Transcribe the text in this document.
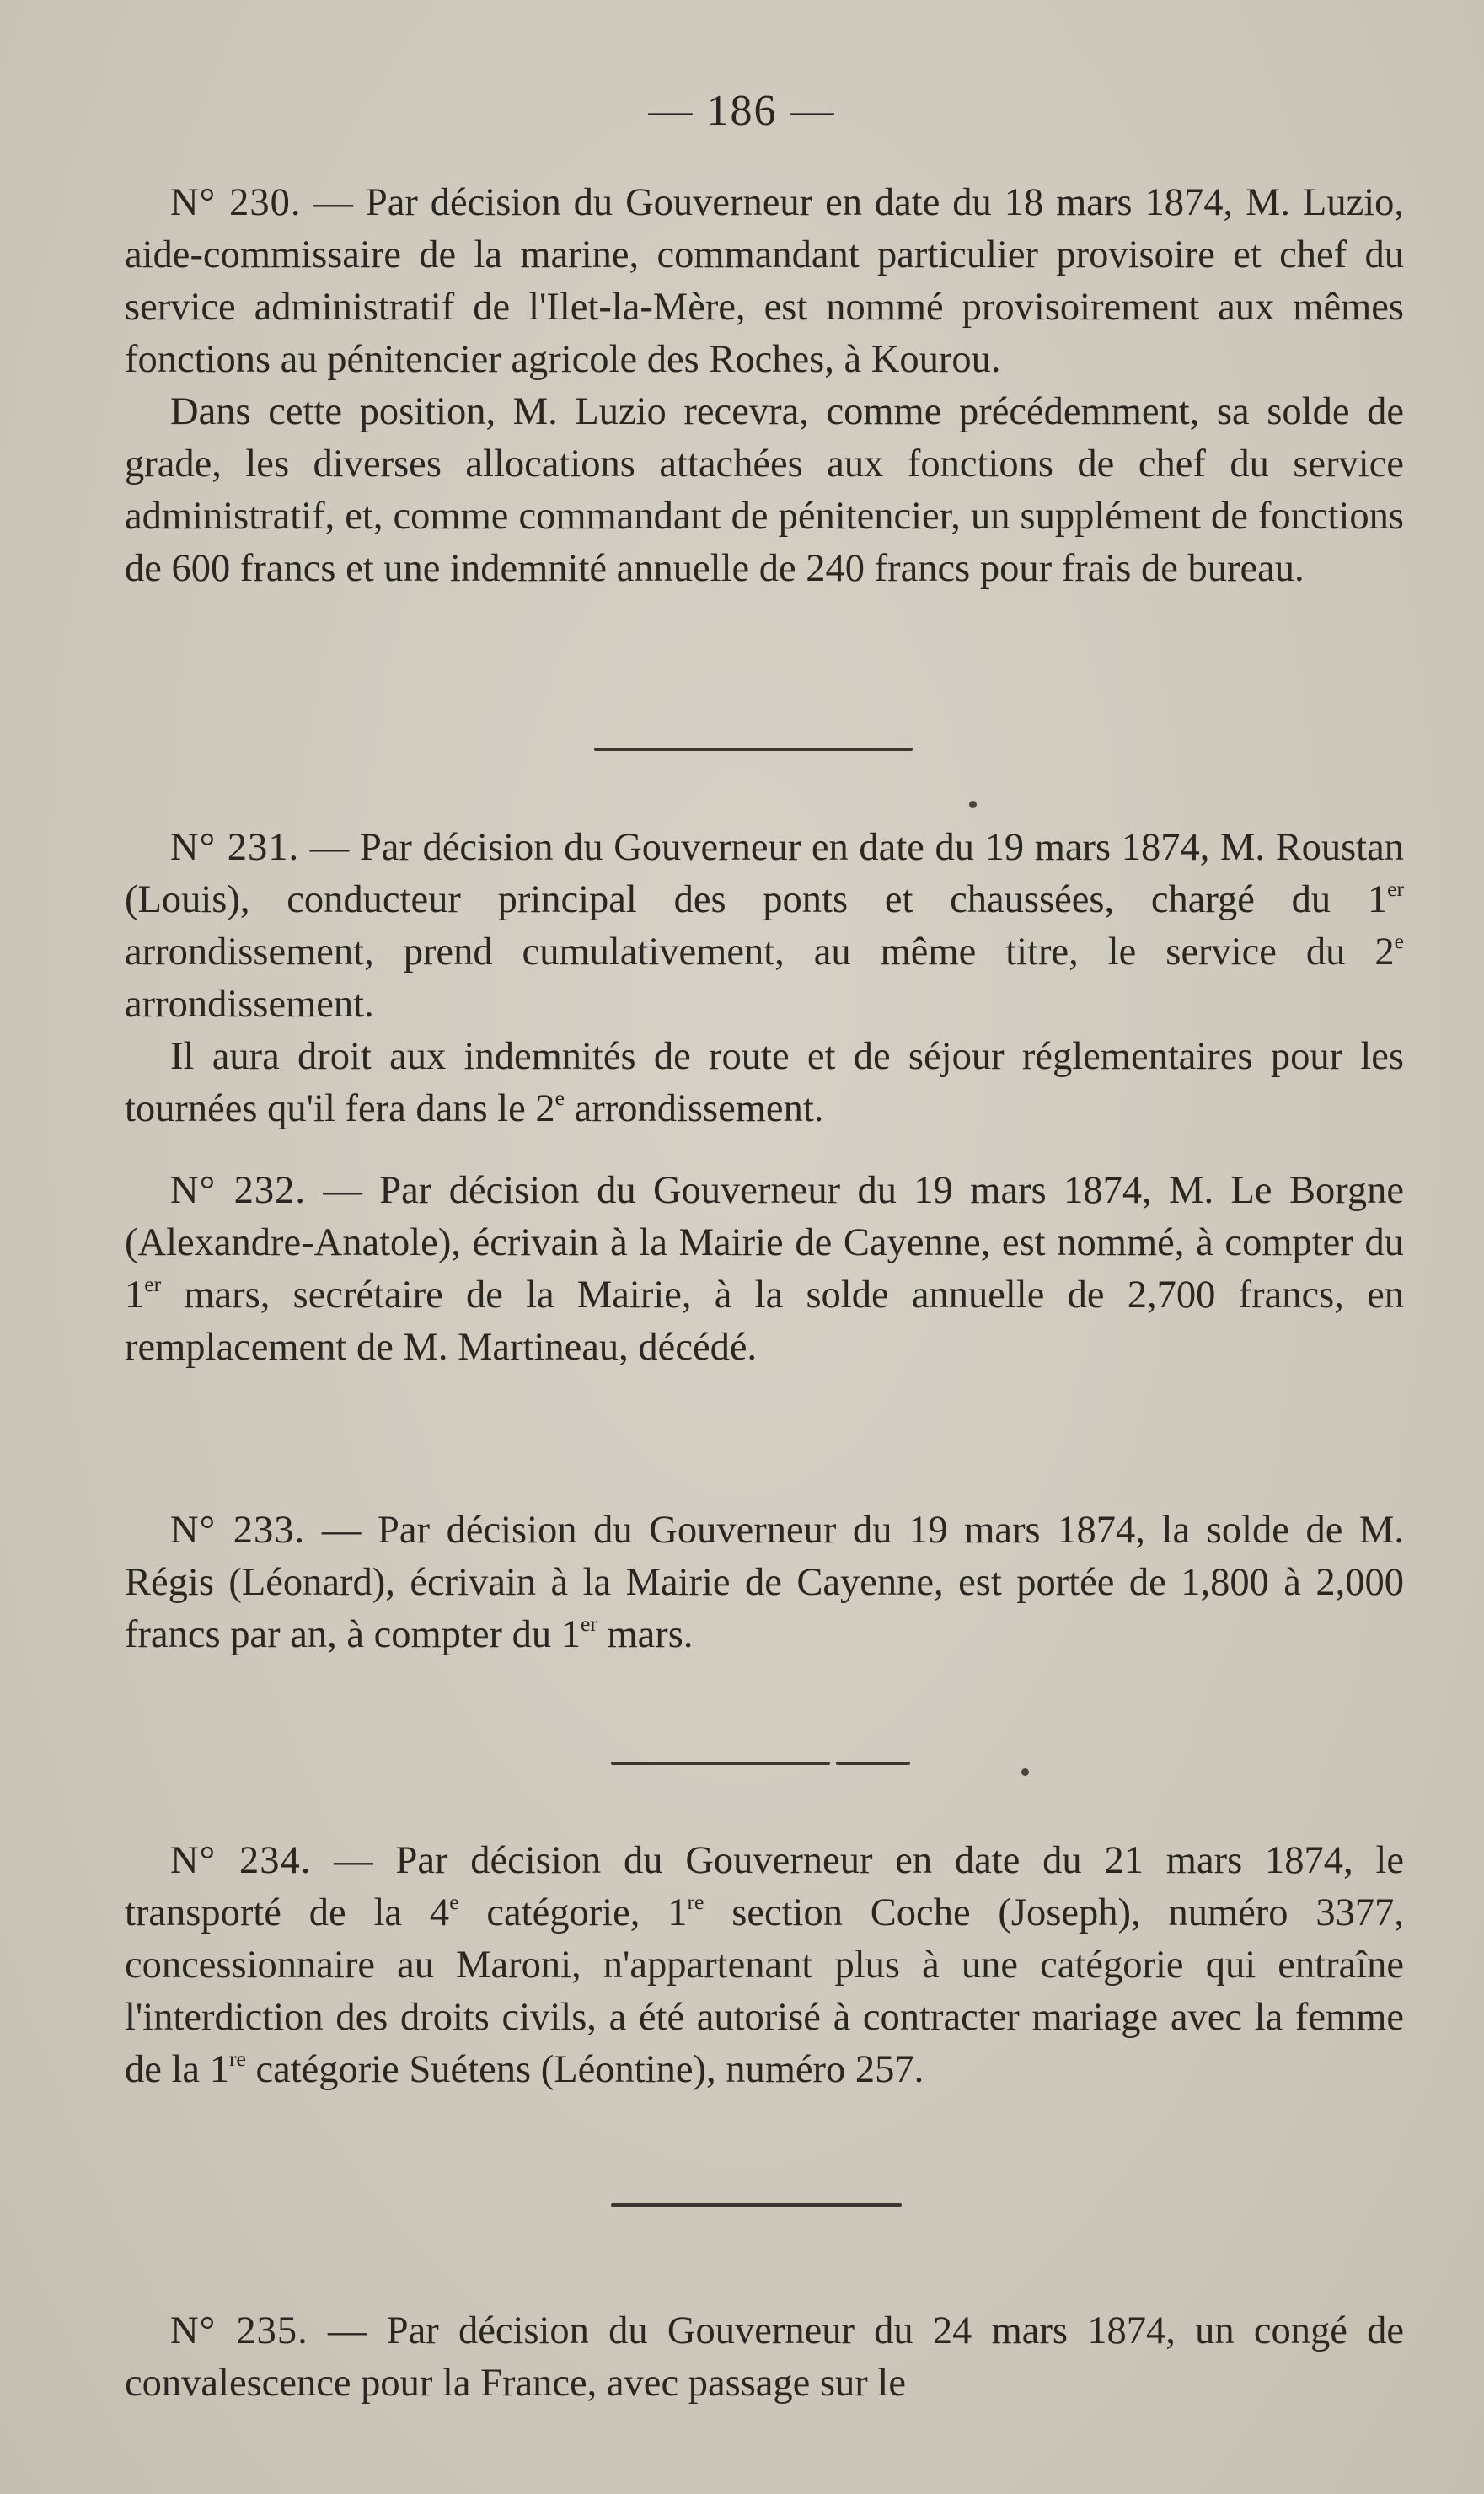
— 186 —

N° 230. — Par décision du Gouverneur en date du 18 mars 1874, M. Luzio, aide-commissaire de la marine, commandant particulier provisoire et chef du service administratif de l'Ilet-la-Mère, est nommé provisoirement aux mêmes fonctions au pénitencier agricole des Roches, à Kourou.

Dans cette position, M. Luzio recevra, comme précédemment, sa solde de grade, les diverses allocations attachées aux fonctions de chef du service administratif, et, comme commandant de pénitencier, un supplément de fonctions de 600 francs et une indemnité annuelle de 240 francs pour frais de bureau.

N° 231. — Par décision du Gouverneur en date du 19 mars 1874, M. Roustan (Louis), conducteur principal des ponts et chaussées, chargé du 1er arrondissement, prend cumulativement, au même titre, le service du 2e arrondissement.

Il aura droit aux indemnités de route et de séjour réglementaires pour les tournées qu'il fera dans le 2e arrondissement.

N° 232. — Par décision du Gouverneur du 19 mars 1874, M. Le Borgne (Alexandre-Anatole), écrivain à la Mairie de Cayenne, est nommé, à compter du 1er mars, secrétaire de la Mairie, à la solde annuelle de 2,700 francs, en remplacement de M. Martineau, décédé.

N° 233. — Par décision du Gouverneur du 19 mars 1874, la solde de M. Régis (Léonard), écrivain à la Mairie de Cayenne, est portée de 1,800 à 2,000 francs par an, à compter du 1er mars.

N° 234. — Par décision du Gouverneur en date du 21 mars 1874, le transporté de la 4e catégorie, 1re section Coche (Joseph), numéro 3377, concessionnaire au Maroni, n'appartenant plus à une catégorie qui entraîne l'interdiction des droits civils, a été autorisé à contracter mariage avec la femme de la 1re catégorie Suétens (Léontine), numéro 257.

N° 235. — Par décision du Gouverneur du 24 mars 1874, un congé de convalescence pour la France, avec passage sur le
